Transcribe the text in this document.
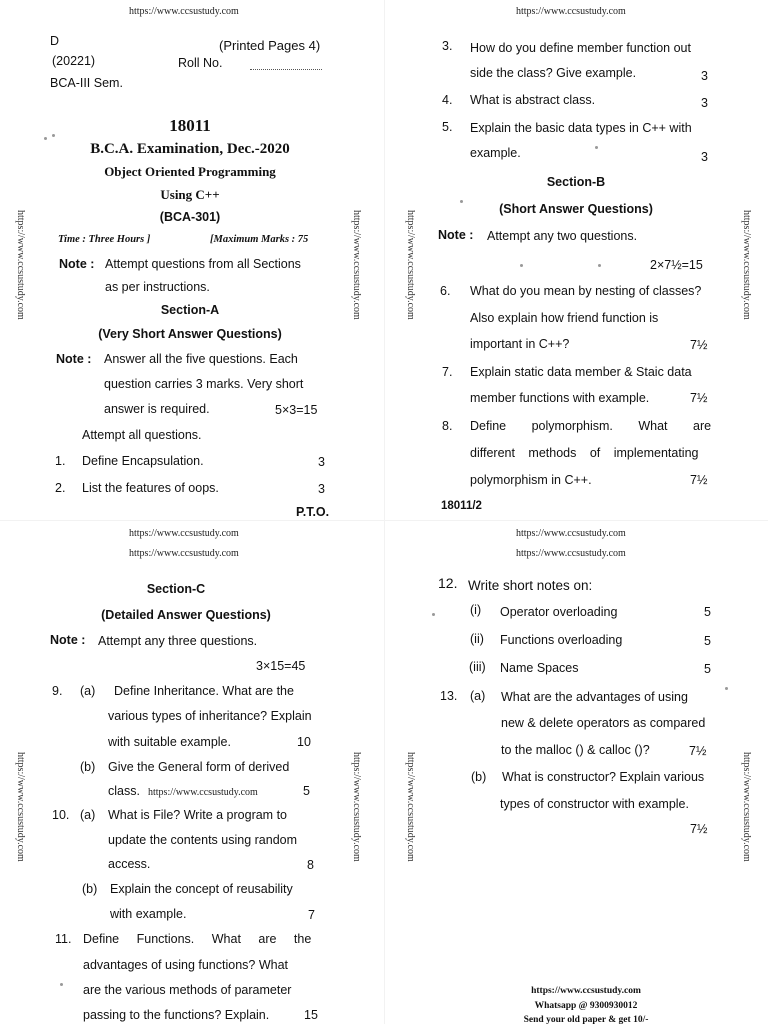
https://www.ccsustudy.com	https://www.ccsustudy.com
https://www.ccsustudy.com	https://www.ccsustudy.com	https://www.ccsustudy.com	https://www.ccsustudy.com
https://www.ccsustudy.com	https://www.ccsustudy.com	https://www.ccsustudy.com	https://www.ccsustudy.com
D	(Printed Pages 4)
(20221)	Roll No.
BCA-III Sem.
18011
B.C.A. Examination, Dec.-2020
Object Oriented Programming
Using C++
(BCA-301)
Time : Three Hours ]	[Maximum Marks : 75
Note : Attempt questions from all Sections
as per instructions.
Section-A
(Very Short Answer Questions)
Note : Answer all the five questions. Each
question carries 3 marks. Very short
answer is required.	5×3=15
Attempt all questions.
1. Define Encapsulation.	3
2. List the features of oops.	3
P.T.O.
3. How do you define member function out
side the class? Give example.	3
4. What is abstract class.	3
5. Explain the basic data types in C++ with
example.	3
Section-B
(Short Answer Questions)
Note : Attempt any two questions.
2×7½=15
6. What do you mean by nesting of classes?
Also explain how friend function is
important in C++?	7½
7. Explain static data member & Staic data
member functions with example.	7½
8. Define polymorphism. What are
different methods of implementating
polymorphism in C++.	7½
18011/2
https://www.ccsustudy.com
https://www.ccsustudy.com
https://www.ccsustudy.com
https://www.ccsustudy.com
Section-C
(Detailed Answer Questions)
Note : Attempt any three questions.
3×15=45
9. (a) Define Inheritance. What are the
various types of inheritance? Explain
with suitable example.	10
(b) Give the General form of derived
class. https://www.ccsustudy.com	5
10. (a) What is File? Write a program to
update the contents using random
access.	8
(b) Explain the concept of reusability
with example.	7
11. Define Functions. What are the
advantages of using functions? What
are the various methods of parameter
passing to the functions? Explain.	15
12. Write short notes on:
(i) Operator overloading	5
(ii) Functions overloading	5
(iii) Name Spaces	5
13. (a) What are the advantages of using
new & delete operators as compared
to the malloc () & calloc ()?	7½
(b) What is constructor? Explain various
types of constructor with example.
7½
https://www.ccsustudy.com
Whatsapp @ 9300930012
Send your old paper & get 10/-
